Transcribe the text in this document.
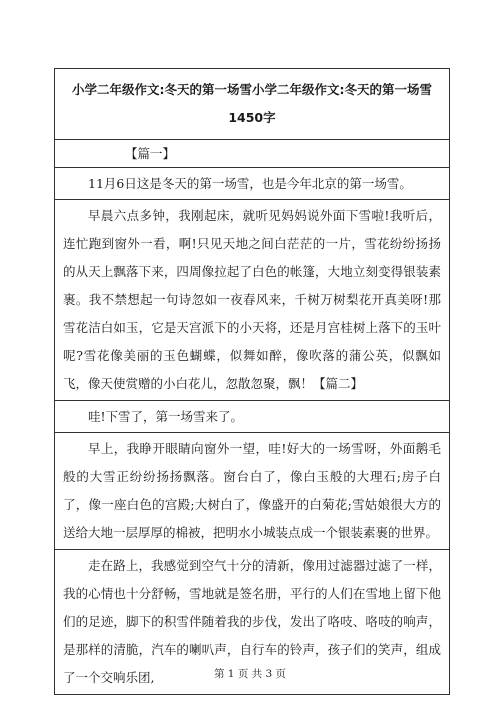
小学二年级作文:冬天的第一场雪小学二年级作文:冬天的第一场雪1450字
【篇一】
11月6日这是冬天的第一场雪，也是今年北京的第一场雪。
早晨六点多钟，我刚起床，就听见妈妈说外面下雪啦!我听后，连忙跑到窗外一看，啊!只见天地之间白茫茫的一片，雪花纷纷扬扬的从天上飘落下来，四周像拉起了白色的帐篷，大地立刻变得银装素裹。我不禁想起一句诗忽如一夜春风来，千树万树梨花开真美呀!那雪花洁白如玉，它是天宫派下的小天将，还是月宫桂树上落下的玉叶呢?雪花像美丽的玉色蝴蝶，似舞如醉，像吹落的蒲公英，似飘如飞，像天使赏赠的小白花儿，忽散忽聚，飘！【篇二】
哇!下雪了，第一场雪来了。
早上，我睁开眼睛向窗外一望，哇!好大的一场雪呀，外面鹅毛般的大雪正纷纷扬扬飘落。窗台白了，像白玉般的大理石;房子白了，像一座白色的宫殿;大树白了，像盛开的白菊花;雪姑娘很大方的送给大地一层厚厚的棉被，把明水小城装点成一个银装素裹的世界。
走在路上，我感觉到空气十分的清新，像用过滤器过滤了一样，我的心情也十分舒畅，雪地就是签名册，平行的人们在雪地上留下他们的足迹，脚下的积雪伴随着我的步伐，发出了咯吱、咯吱的响声，是那样的清脆，汽车的喇叭声，自行车的铃声，孩子们的笑声，组成了一个交响乐团,	第 1 页 共 3 页
